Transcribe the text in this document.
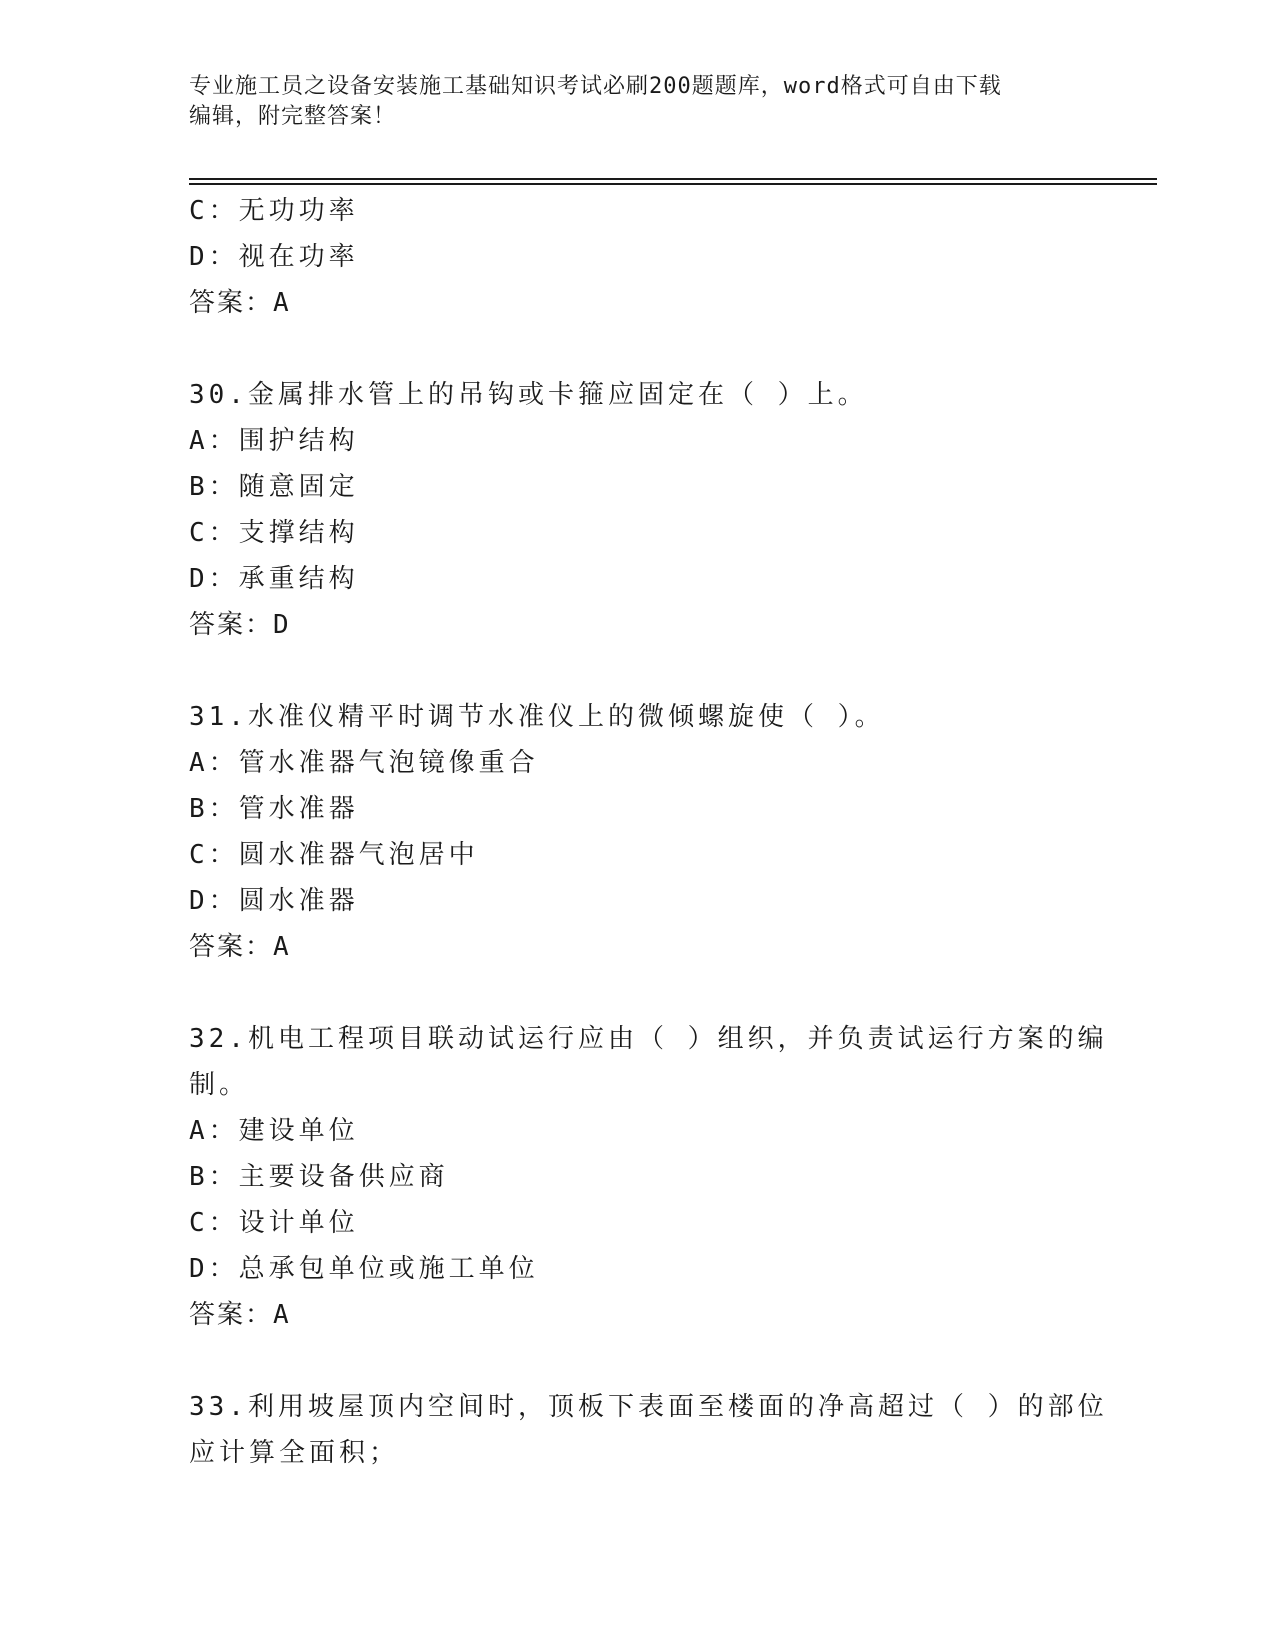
专业施工员之设备安装施工基础知识考试必刷200题题库，word格式可自由下载
编辑，附完整答案！
C：无功功率
D：视在功率
答案：A
30.金属排水管上的吊钩或卡箍应固定在（ ）上。
A：围护结构
B：随意固定
C：支撑结构
D：承重结构
答案：D
31.水准仪精平时调节水准仪上的微倾螺旋使（ ）。
A：管水准器气泡镜像重合
B：管水准器
C：圆水准器气泡居中
D：圆水准器
答案：A
32.机电工程项目联动试运行应由（ ）组织，并负责试运行方案的编
制。
A：建设单位
B：主要设备供应商
C：设计单位
D：总承包单位或施工单位
答案：A
33.利用坡屋顶内空间时，顶板下表面至楼面的净高超过（ ）的部位
应计算全面积；
